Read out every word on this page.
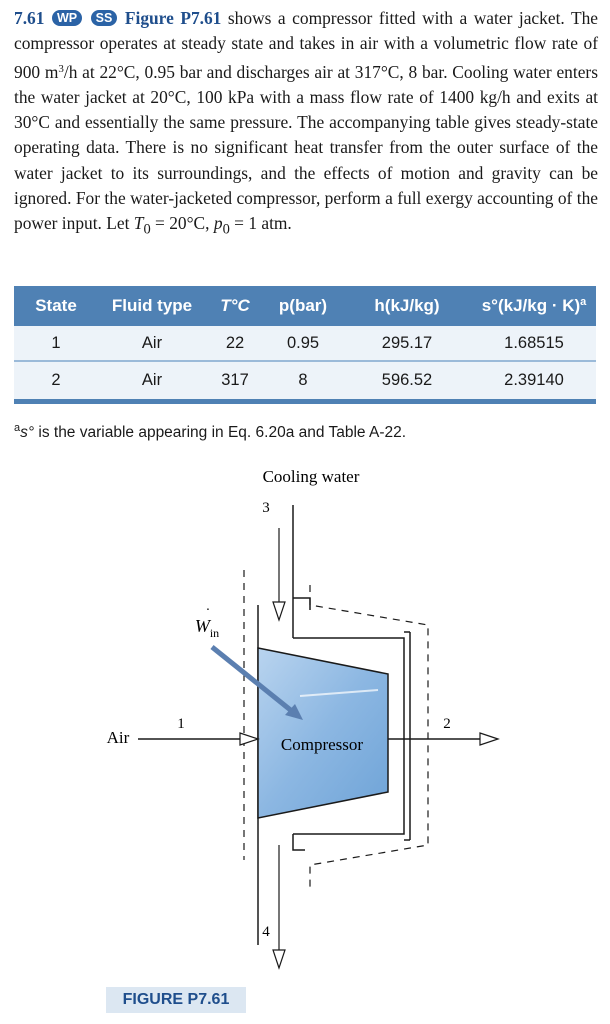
7.61 WP SS Figure P7.61 shows a compressor fitted with a water jacket. The compressor operates at steady state and takes in air with a volumetric flow rate of 900 $m^3/h$ at 22°C, 0.95 bar and discharges air at 317°C, 8 bar. Cooling water enters the water jacket at 20°C, 100 kPa with a mass flow rate of 1400 kg/h and exits at 30°C and essentially the same pressure. The accompanying table gives steady-state operating data. There is no significant heat transfer from the outer surface of the water jacket to its surroundings, and the effects of motion and gravity can be ignored. For the water-jacketed compressor, perform a full exergy accounting of the power input. Let $T_0 = 20^\circ C$, $p_0 = 1$ atm.
State	Fluid type	T°C	p(bar)	h(kJ/kg)	$s^\circ(kJ/kg \cdot K)^a$
1	Air	22	0.95	295.17	1.68515
2	Air	317	8	596.52	2.39140
$^a$s° is the variable appearing in Eq. 6.20a and Table A-22.
Cooling water
3
4
1	2
Air
$W_{in}$
·
Compressor
FIGURE P7.61
